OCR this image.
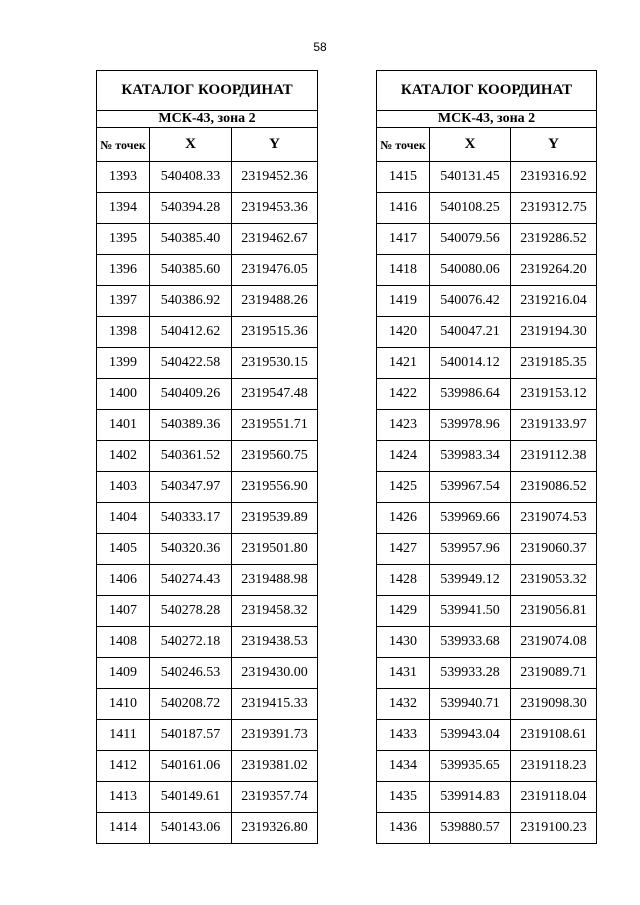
58
КАТАЛОГ КООРДИНАТ		
МСК-43, зона 2		
№ точек	X	Y
1393	540408.33	2319452.36
1394	540394.28	2319453.36
1395	540385.40	2319462.67
1396	540385.60	2319476.05
1397	540386.92	2319488.26
1398	540412.62	2319515.36
1399	540422.58	2319530.15
1400	540409.26	2319547.48
1401	540389.36	2319551.71
1402	540361.52	2319560.75
1403	540347.97	2319556.90
1404	540333.17	2319539.89
1405	540320.36	2319501.80
1406	540274.43	2319488.98
1407	540278.28	2319458.32
1408	540272.18	2319438.53
1409	540246.53	2319430.00
1410	540208.72	2319415.33
1411	540187.57	2319391.73
1412	540161.06	2319381.02
1413	540149.61	2319357.74
1414	540143.06	2319326.80
КАТАЛОГ КООРДИНАТ		
МСК-43, зона 2		
№ точек	X	Y
1415	540131.45	2319316.92
1416	540108.25	2319312.75
1417	540079.56	2319286.52
1418	540080.06	2319264.20
1419	540076.42	2319216.04
1420	540047.21	2319194.30
1421	540014.12	2319185.35
1422	539986.64	2319153.12
1423	539978.96	2319133.97
1424	539983.34	2319112.38
1425	539967.54	2319086.52
1426	539969.66	2319074.53
1427	539957.96	2319060.37
1428	539949.12	2319053.32
1429	539941.50	2319056.81
1430	539933.68	2319074.08
1431	539933.28	2319089.71
1432	539940.71	2319098.30
1433	539943.04	2319108.61
1434	539935.65	2319118.23
1435	539914.83	2319118.04
1436	539880.57	2319100.23
